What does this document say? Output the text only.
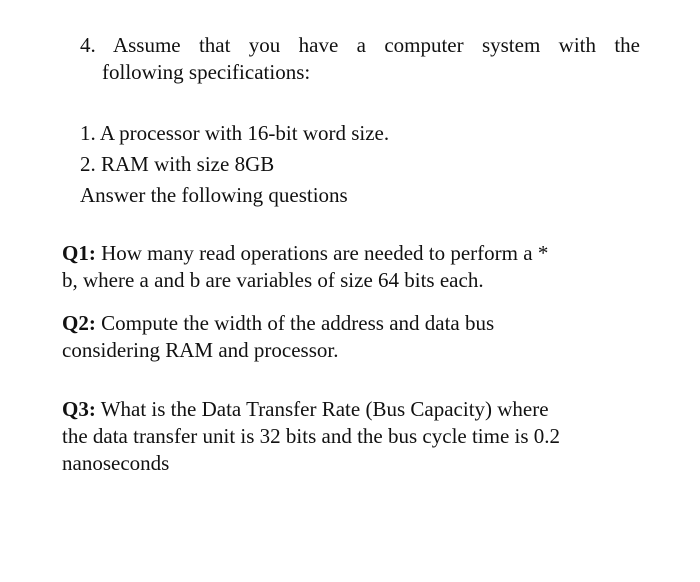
4. Assume that you have a computer system with the
following specifications:
1. A processor with 16-bit word size.
2. RAM with size 8GB
Answer the following questions
Q1: How many read operations are needed to perform a *
b, where a and b are variables of size 64 bits each.
Q2: Compute the width of the address and data bus
considering RAM and processor.
Q3: What is the Data Transfer Rate (Bus Capacity) where
the data transfer unit is 32 bits and the bus cycle time is 0.2
nanoseconds
